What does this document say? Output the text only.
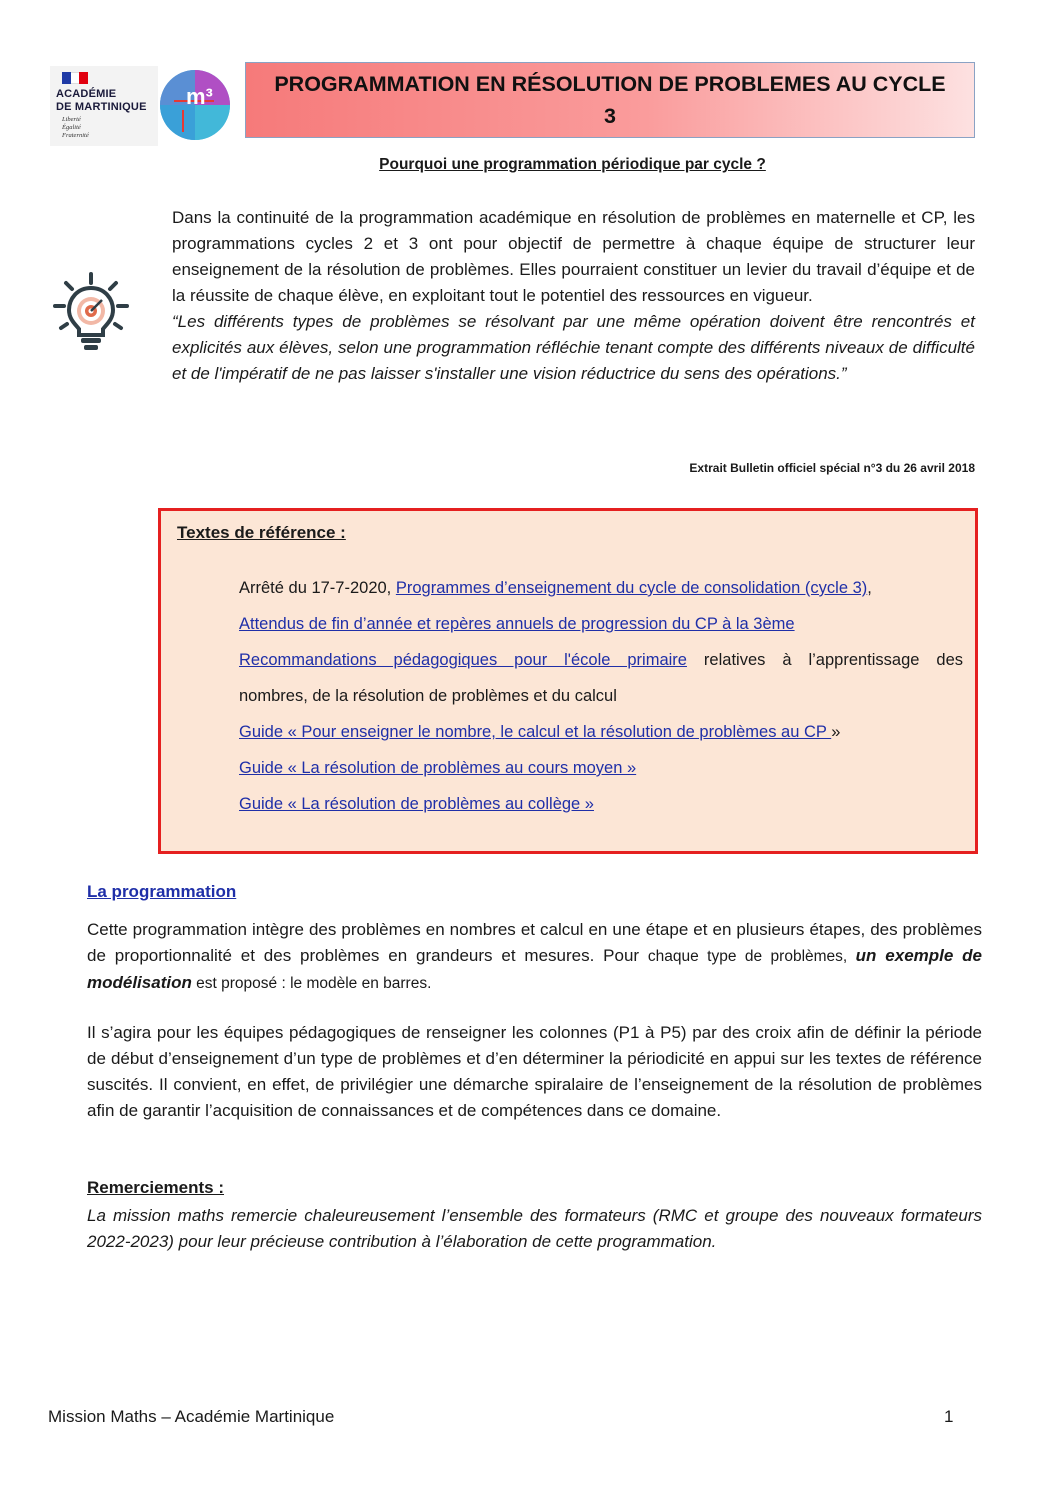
ACADÉMIE
DE MARTINIQUE
Liberté
Égalité
Fraternité
m³	PROGRAMMATION EN RÉSOLUTION DE PROBLEMES AU CYCLE 3
Pourquoi une programmation périodique par cycle ?

Dans la continuité de la programmation académique en résolution de problèmes en maternelle et CP, les programmations cycles 2 et 3 ont pour objectif de permettre à chaque équipe de structurer leur enseignement de la résolution de problèmes. Elles pourraient constituer un levier du travail d’équipe et de la réussite de chaque élève, en exploitant tout le potentiel des ressources en vigueur.

“Les différents types de problèmes se résolvant par une même opération doivent être rencontrés et explicités aux élèves, selon une programmation réfléchie tenant compte des différents niveaux de difficulté et de l'impératif de ne pas laisser s'installer une vision réductrice du sens des opérations.”

Extrait Bulletin officiel spécial n°3 du 26 avril 2018
Textes de référence :
Arrêté du 17-7-2020, Programmes d’enseignement du cycle de consolidation (cycle 3),
Attendus de fin d’année et repères annuels de progression du CP à la 3ème
Recommandations pédagogiques pour l'école primaire relatives à l’apprentissage des
nombres, de la résolution de problèmes et du calcul
Guide « Pour enseigner le nombre, le calcul et la résolution de problèmes au CP »
Guide « La résolution de problèmes au cours moyen »
Guide « La résolution de problèmes au collège »
La programmation
Cette programmation intègre des problèmes en nombres et calcul en une étape et en plusieurs étapes, des problèmes de proportionnalité et des problèmes en grandeurs et mesures. Pour chaque type de problèmes, un exemple de modélisation est proposé : le modèle en barres.
Il s’agira pour les équipes pédagogiques de renseigner les colonnes (P1 à P5) par des croix afin de définir la période de début d’enseignement d’un type de problèmes et d’en déterminer la périodicité en appui sur les textes de référence suscités. Il convient, en effet, de privilégier une démarche spiralaire de l’enseignement de la résolution de problèmes afin de garantir l’acquisition de connaissances et de compétences dans ce domaine.
Remerciements :
La mission maths remercie chaleureusement l’ensemble des formateurs (RMC et groupe des nouveaux formateurs 2022-2023) pour leur précieuse contribution à l’élaboration de cette programmation.
Mission Maths – Académie Martinique	1
